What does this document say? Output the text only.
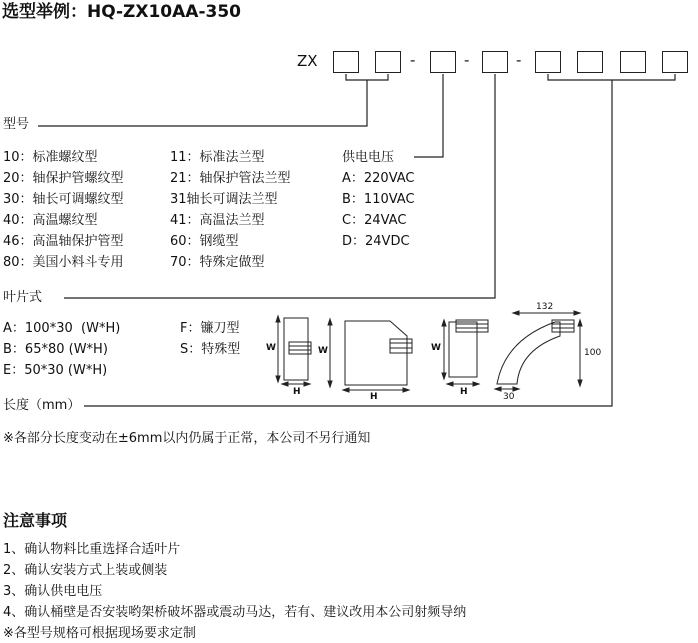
选型举例：HQ-ZX10AA-350
ZX	-	-	-
型号
10：标准螺纹型
20：轴保护管螺纹型
30：轴长可调螺纹型
40：高温螺纹型
46：高温轴保护管型
80：美国小料斗专用
11：标准法兰型
21：轴保护管法兰型
31轴长可调法兰型
41：高温法兰型
60：钢缆型
70：特殊定做型
供电电压
A：220VAC
B：110VAC
C：24VAC
D：24VDC
叶片式
A：100*30  (W*H)
B：65*80 (W*H)
E：50*30 (W*H)
F：镰刀型
S：特殊型	W
H
W
H
W
H
132
100
30
长度（mm）
※各部分长度变动在±6mm以内仍属于正常，本公司不另行通知
注意事项
1、确认物料比重选择合适叶片
2、确认安装方式上装或侧装
3、确认供电电压
4、确认桶壁是否安装哟架桥破坏器或震动马达，若有、建议改用本公司射频导纳
※各型号规格可根据现场要求定制
